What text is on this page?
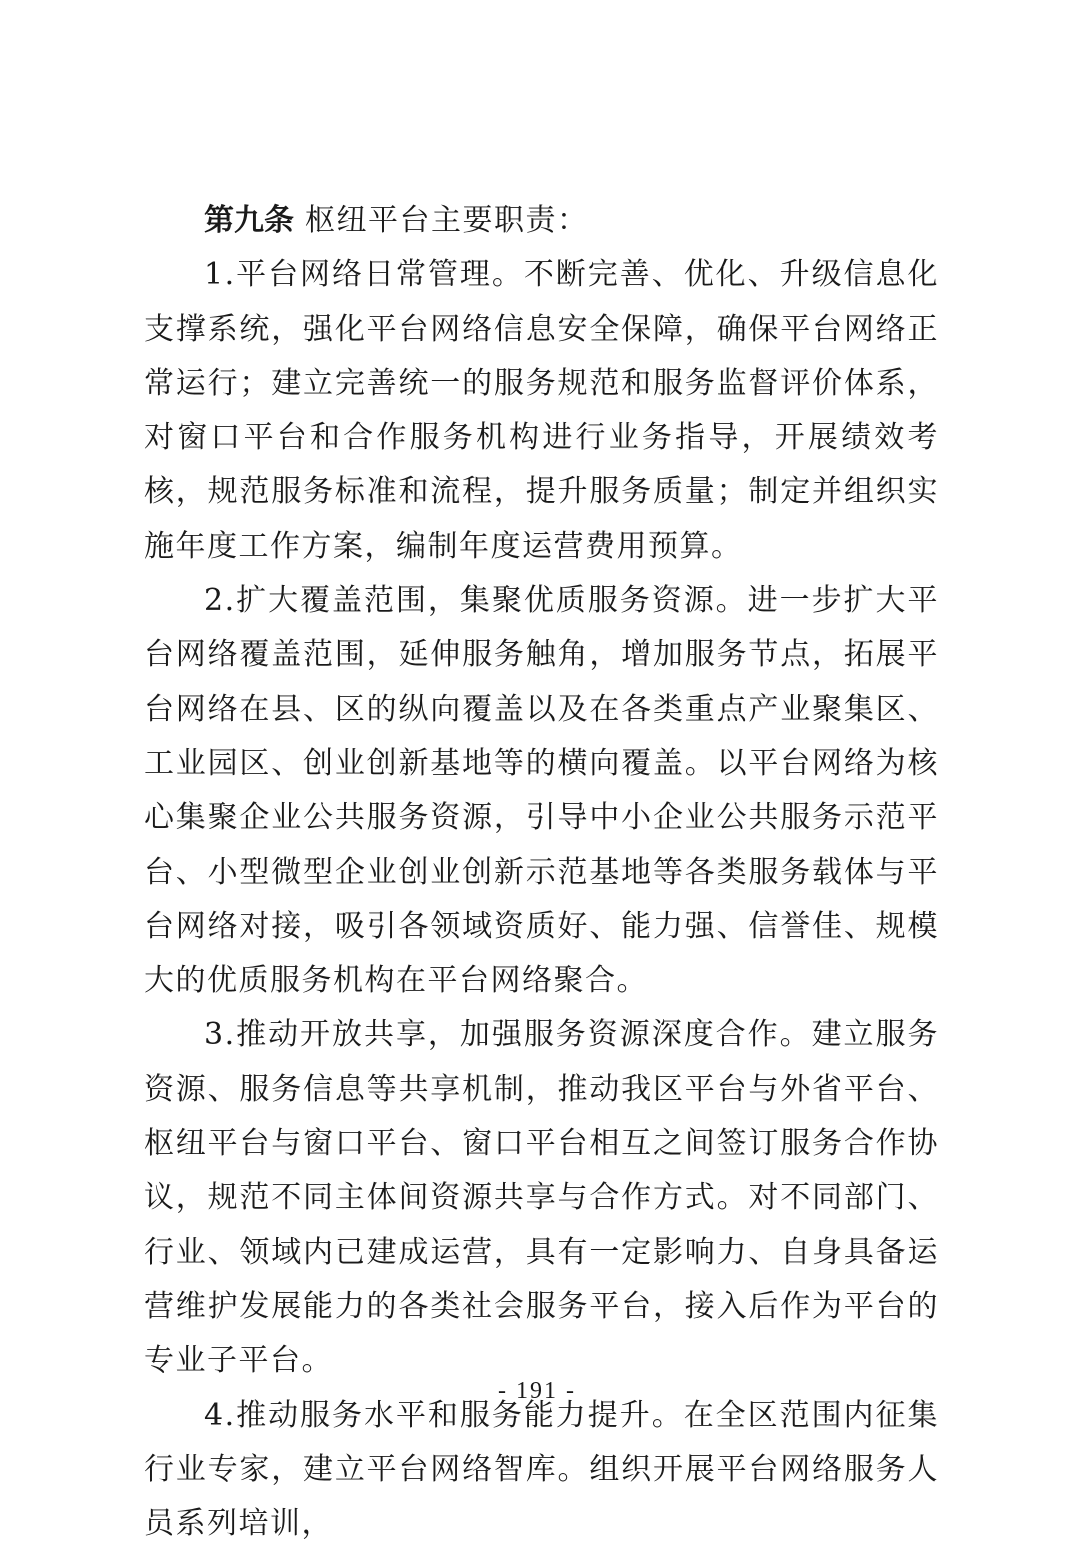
第九条 枢纽平台主要职责：

1.平台网络日常管理。不断完善、优化、升级信息化支撑系统，强化平台网络信息安全保障，确保平台网络正常运行；建立完善统一的服务规范和服务监督评价体系，对窗口平台和合作服务机构进行业务指导，开展绩效考核，规范服务标准和流程，提升服务质量；制定并组织实施年度工作方案，编制年度运营费用预算。

2.扩大覆盖范围，集聚优质服务资源。进一步扩大平台网络覆盖范围，延伸服务触角，增加服务节点，拓展平台网络在县、区的纵向覆盖以及在各类重点产业聚集区、工业园区、创业创新基地等的横向覆盖。以平台网络为核心集聚企业公共服务资源，引导中小企业公共服务示范平台、小型微型企业创业创新示范基地等各类服务载体与平台网络对接，吸引各领域资质好、能力强、信誉佳、规模大的优质服务机构在平台网络聚合。

3.推动开放共享，加强服务资源深度合作。建立服务资源、服务信息等共享机制，推动我区平台与外省平台、枢纽平台与窗口平台、窗口平台相互之间签订服务合作协议，规范不同主体间资源共享与合作方式。对不同部门、行业、领域内已建成运营，具有一定影响力、自身具备运营维护发展能力的各类社会服务平台，接入后作为平台的专业子平台。

4.推动服务水平和服务能力提升。在全区范围内征集行业专家，建立平台网络智库。组织开展平台网络服务人员系列培训，

- 191 -
